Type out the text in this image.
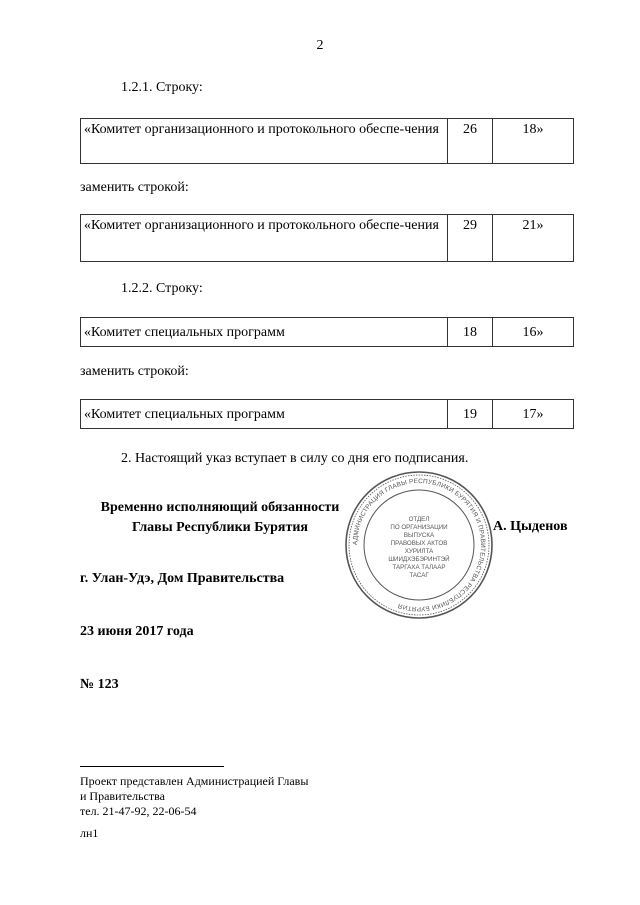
2
1.2.1. Строку:
«Комитет организационного и протокольного обеспе-чения	26	18»
заменить строкой:
«Комитет организационного и протокольного обеспе-чения	29	21»
1.2.2. Строку:
«Комитет специальных программ	18	16»
заменить строкой:
«Комитет специальных программ	19	17»
2. Настоящий указ вступает в силу со дня его подписания.
Временно исполняющий обязанности
Главы Республики Бурятия	А. Цыденов
АДМИНИСТРАЦИЯ ГЛАВЫ РЕСПУБЛИКИ БУРЯТИЯ И ПРАВИТЕЛЬСТВА РЕСПУБЛИКИ БУРЯТИЯ
ОТДЕЛ
ПО ОРГАНИЗАЦИИ
ВЫПУСКА
ПРАВОВЫХ АКТОВ
ХУРИЛТА
ШИИДХЭБЭРИНТЭЙ
ТАРГАХА ТАЛААР
ТАСАГ
г. Улан-Удэ, Дом Правительства
23 июня 2017 года
№ 123
Проект представлен Администрацией Главы
и Правительства
тел. 21-47-92, 22-06-54
лн1
